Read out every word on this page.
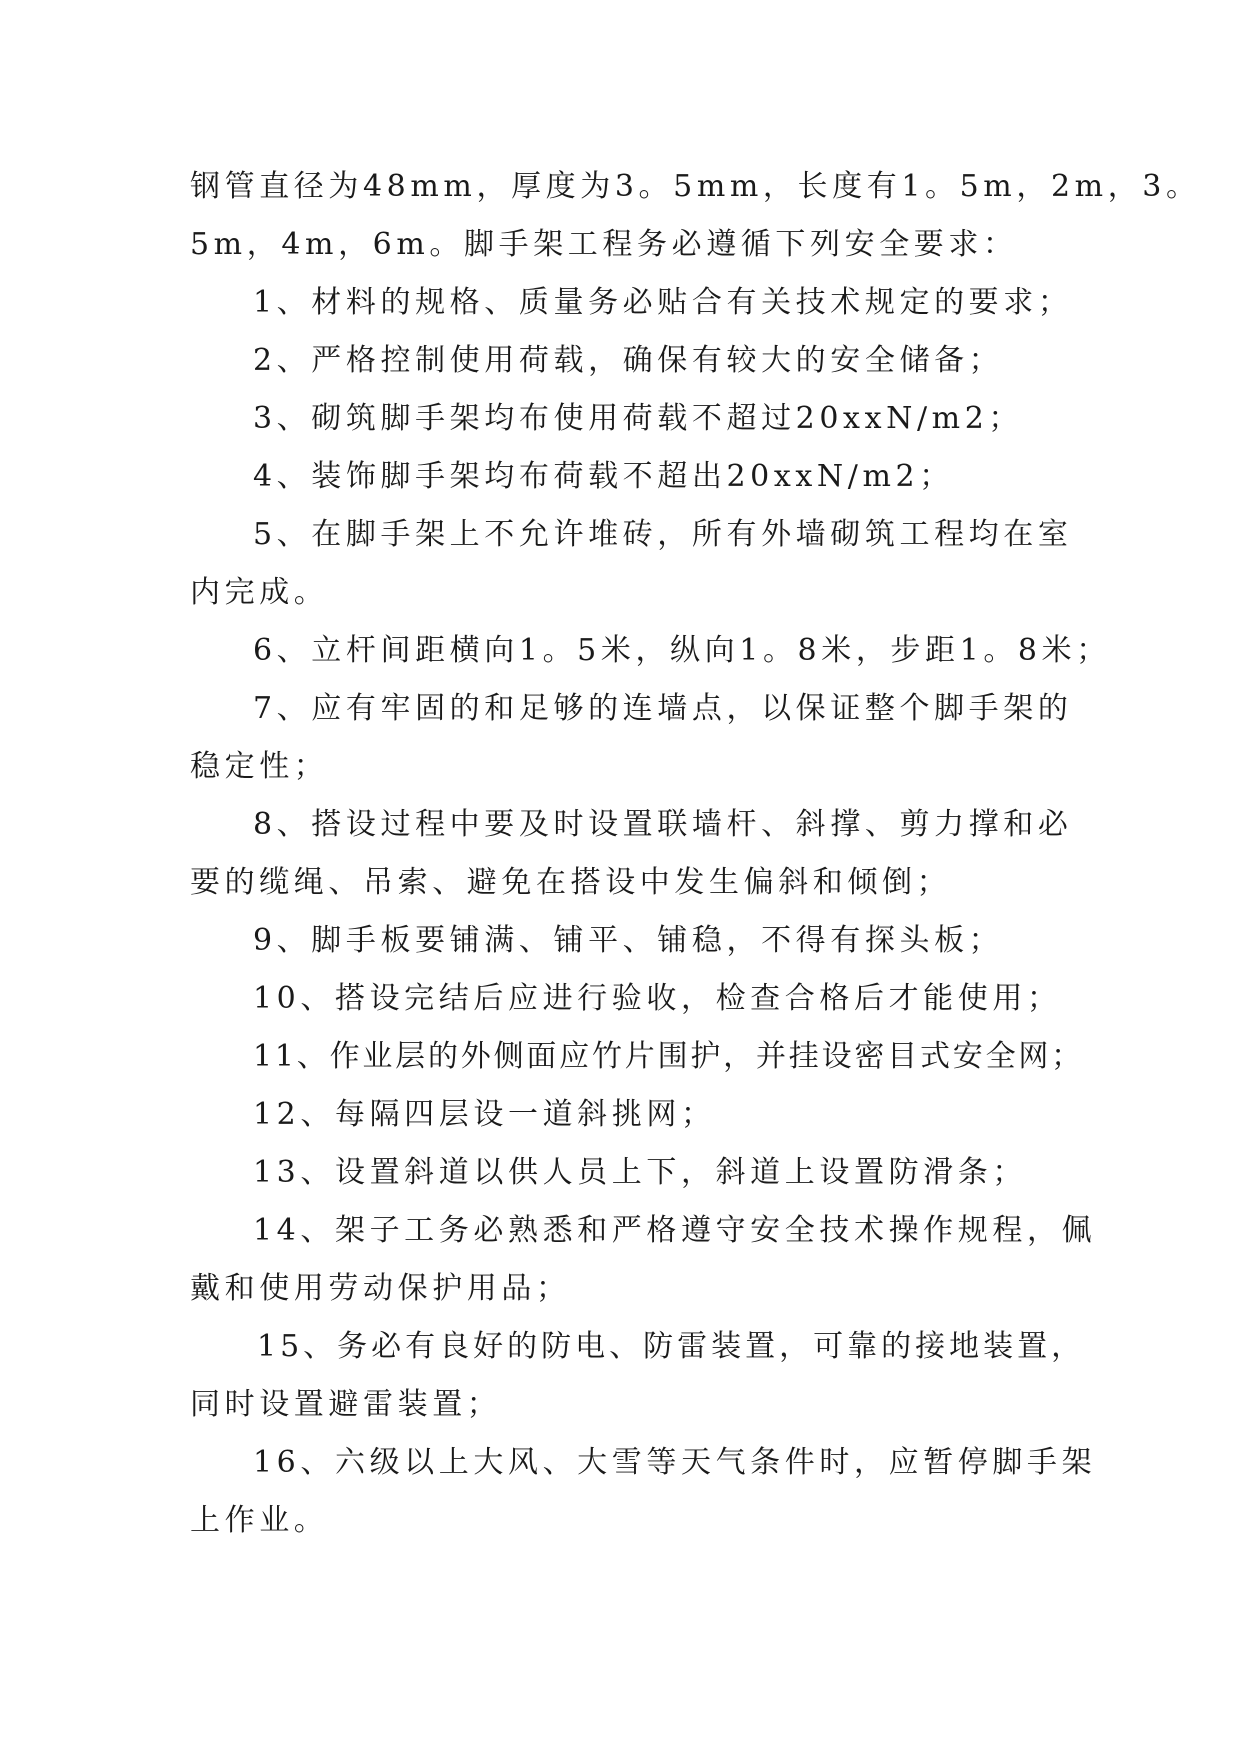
钢管直径为48mm，厚度为3。5mm，长度有1。5m，2m，3。
5m，4m，6m。脚手架工程务必遵循下列安全要求：
1、材料的规格、质量务必贴合有关技术规定的要求；
2、严格控制使用荷载，确保有较大的安全储备；
3、砌筑脚手架均布使用荷载不超过20xxN/m2；
4、装饰脚手架均布荷载不超出20xxN/m2；
5、在脚手架上不允许堆砖，所有外墙砌筑工程均在室
内完成。
6、立杆间距横向1。5米，纵向1。8米，步距1。8米；
7、应有牢固的和足够的连墙点，以保证整个脚手架的
稳定性；
8、搭设过程中要及时设置联墙杆、斜撑、剪力撑和必
要的缆绳、吊索、避免在搭设中发生偏斜和倾倒；
9、脚手板要铺满、铺平、铺稳，不得有探头板；
10、搭设完结后应进行验收，检查合格后才能使用；
11、作业层的外侧面应竹片围护，并挂设密目式安全网；
12、每隔四层设一道斜挑网；
13、设置斜道以供人员上下，斜道上设置防滑条；
14、架子工务必熟悉和严格遵守安全技术操作规程，佩
戴和使用劳动保护用品；
15、务必有良好的防电、防雷装置，可靠的接地装置，
同时设置避雷装置；
16、六级以上大风、大雪等天气条件时，应暂停脚手架
上作业。
